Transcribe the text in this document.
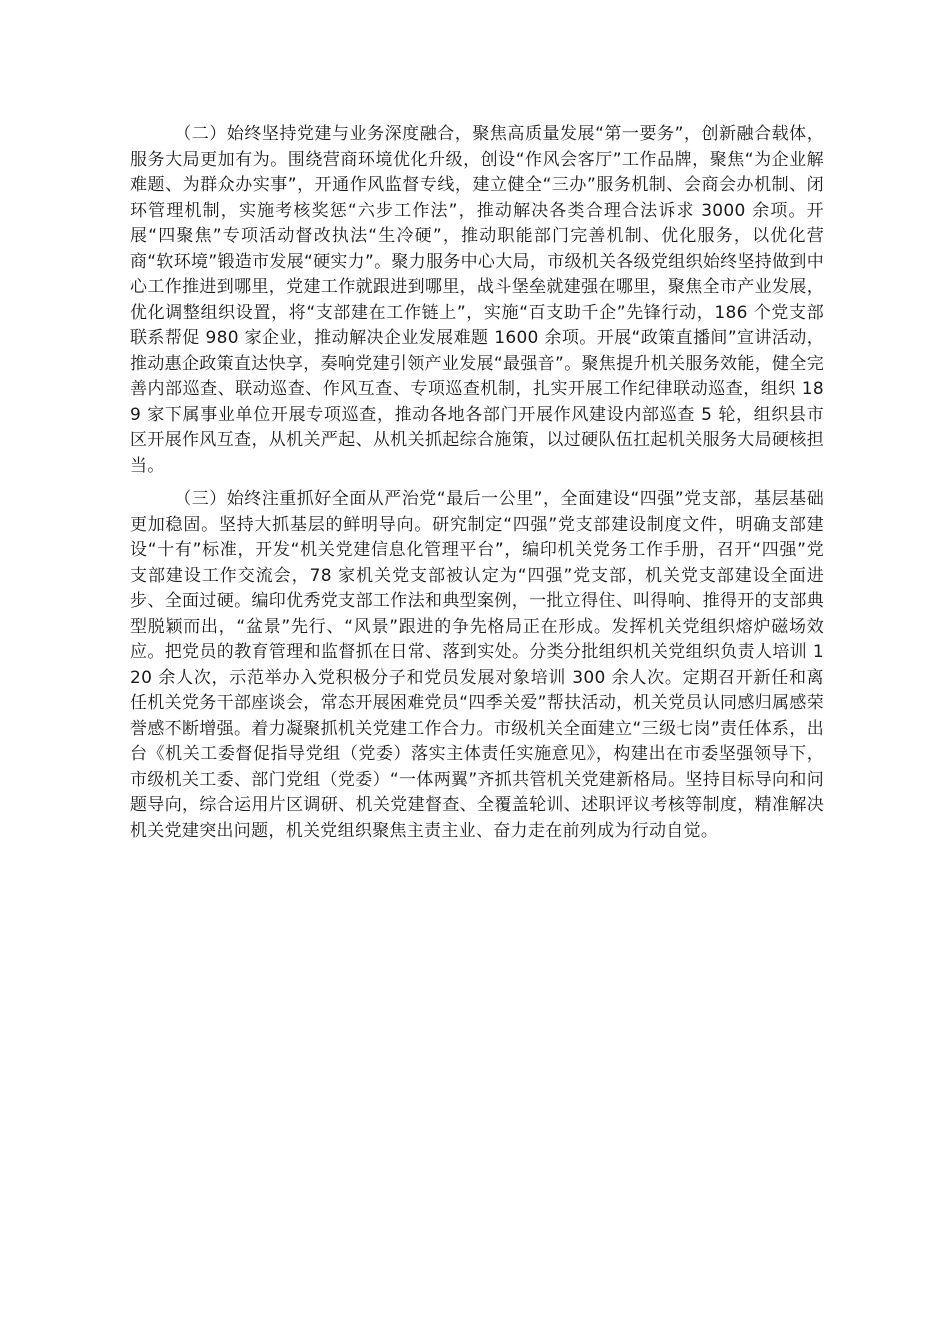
（二）始终坚持党建与业务深度融合，聚焦高质量发展“第一要务”，创新融合载体，服务大局更加有为。围绕营商环境优化升级，创设“作风会客厅”工作品牌，聚焦“为企业解难题、为群众办实事”，开通作风监督专线，建立健全“三办”服务机制、会商会办机制、闭环管理机制，实施考核奖惩“六步工作法”，推动解决各类合理合法诉求 3000 余项。开展“四聚焦”专项活动督改执法“生冷硬”，推动职能部门完善机制、优化服务，以优化营商“软环境”锻造市发展“硬实力”。聚力服务中心大局，市级机关各级党组织始终坚持做到中心工作推进到哪里，党建工作就跟进到哪里，战斗堡垒就建强在哪里，聚焦全市产业发展，优化调整组织设置，将“支部建在工作链上”，实施“百支助千企”先锋行动，186 个党支部联系帮促 980 家企业，推动解决企业发展难题 1600 余项。开展“政策直播间”宣讲活动，推动惠企政策直达快享，奏响党建引领产业发展“最强音”。聚焦提升机关服务效能，健全完善内部巡查、联动巡查、作风互查、专项巡查机制，扎实开展工作纪律联动巡查，组织 189 家下属事业单位开展专项巡查，推动各地各部门开展作风建设内部巡查 5 轮，组织县市区开展作风互查，从机关严起、从机关抓起综合施策，以过硬队伍扛起机关服务大局硬核担当。

（三）始终注重抓好全面从严治党“最后一公里”，全面建设“四强”党支部，基层基础更加稳固。坚持大抓基层的鲜明导向。研究制定“四强”党支部建设制度文件，明确支部建设“十有”标准，开发“机关党建信息化管理平台”，编印机关党务工作手册，召开“四强”党支部建设工作交流会，78 家机关党支部被认定为“四强”党支部，机关党支部建设全面进步、全面过硬。编印优秀党支部工作法和典型案例，一批立得住、叫得响、推得开的支部典型脱颖而出，“盆景”先行、“风景”跟进的争先格局正在形成。发挥机关党组织熔炉磁场效应。把党员的教育管理和监督抓在日常、落到实处。分类分批组织机关党组织负责人培训 120 余人次，示范举办入党积极分子和党员发展对象培训 300 余人次。定期召开新任和离任机关党务干部座谈会，常态开展困难党员“四季关爱”帮扶活动，机关党员认同感归属感荣誉感不断增强。着力凝聚抓机关党建工作合力。市级机关全面建立“三级七岗”责任体系，出台《机关工委督促指导党组（党委）落实主体责任实施意见》，构建出在市委坚强领导下，市级机关工委、部门党组（党委）“一体两翼”齐抓共管机关党建新格局。坚持目标导向和问题导向，综合运用片区调研、机关党建督查、全覆盖轮训、述职评议考核等制度，精准解决机关党建突出问题，机关党组织聚焦主责主业、奋力走在前列成为行动自觉。
